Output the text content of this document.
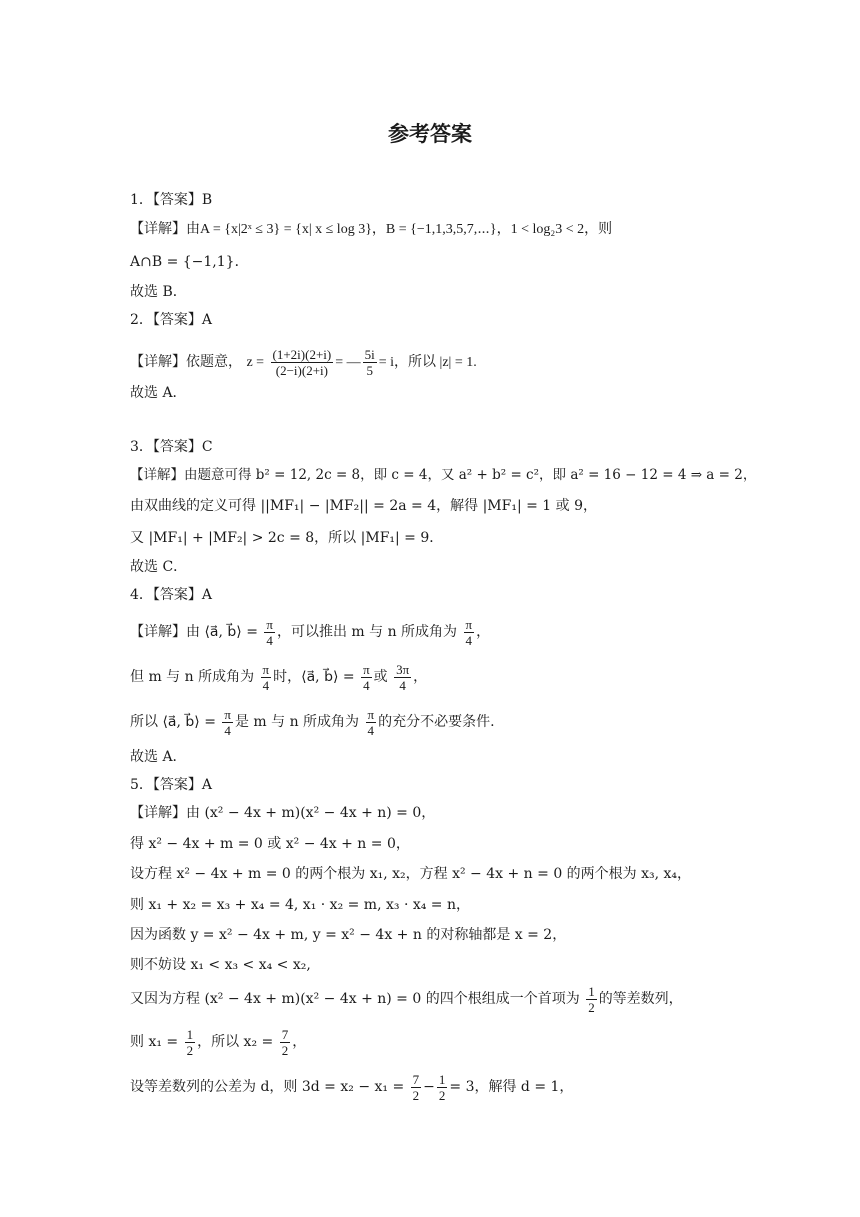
参考答案
1．【答案】B
【详解】由A = {x|2ˣ ≤ 3} = {x| x ≤ log 3}，B = {−1,1,3,5,7,⋯}，1 < log₂3 < 2，则
A∩B = {−1,1}．
故选 B．
2．【答案】A
【详解】依题意， $z = \frac{(1+2i)(2+i)}{(2-i)(2+i)}$ = — $\frac{5i}{5} = i$，所以 |z| = 1.
故选 A．
3．【答案】C
【详解】由题意可得 b² = 12, 2c = 8，即 c = 4，又 a² + b² = c²，即 a² = 16 − 12 = 4 ⇒ a = 2，
由双曲线的定义可得 ||MF₁| − |MF₂|| = 2a = 4，解得 |MF₁| = 1 或 9，
又 |MF₁| + |MF₂| > 2c = 8，所以 |MF₁| = 9．
故选 C．
4．【答案】A
【详解】由 ⟨a⃗, b⃗⟩ = $\frac{\pi}{4}$ ，可以推出 m 与 n 所成角为 $\frac{\pi}{4}$ ，
但 m 与 n 所成角为 $\frac{\pi}{4}$ 时，⟨a⃗, b⃗⟩ = $\frac{\pi}{4}$ 或 $\frac{3\pi}{4}$ ，
所以 ⟨a⃗, b⃗⟩ = $\frac{\pi}{4}$ 是 m 与 n 所成角为 $\frac{\pi}{4}$ 的充分不必要条件.
故选 A．
5．【答案】A
【详解】由 (x² − 4x + m)(x² − 4x + n) = 0，
得 x² − 4x + m = 0 或 x² − 4x + n = 0，
设方程 x² − 4x + m = 0 的两个根为 x₁, x₂，方程 x² − 4x + n = 0 的两个根为 x₃, x₄，
则 x₁ + x₂ = x₃ + x₄ = 4, x₁ · x₂ = m, x₃ · x₄ = n，
因为函数 y = x² − 4x + m, y = x² − 4x + n 的对称轴都是 x = 2，
则不妨设 x₁ < x₃ < x₄ < x₂,
又因为方程 (x² − 4x + m)(x² − 4x + n) = 0 的四个根组成一个首项为 $\frac{1}{2}$ 的等差数列，
则 $x_1 = \frac{1}{2}$ ，所以 $x_2 = \frac{7}{2}$ ，
设等差数列的公差为 d，则 $3d = x_2 - x_1 = \frac{7}{2} - \frac{1}{2} = 3$，解得 d = 1，
